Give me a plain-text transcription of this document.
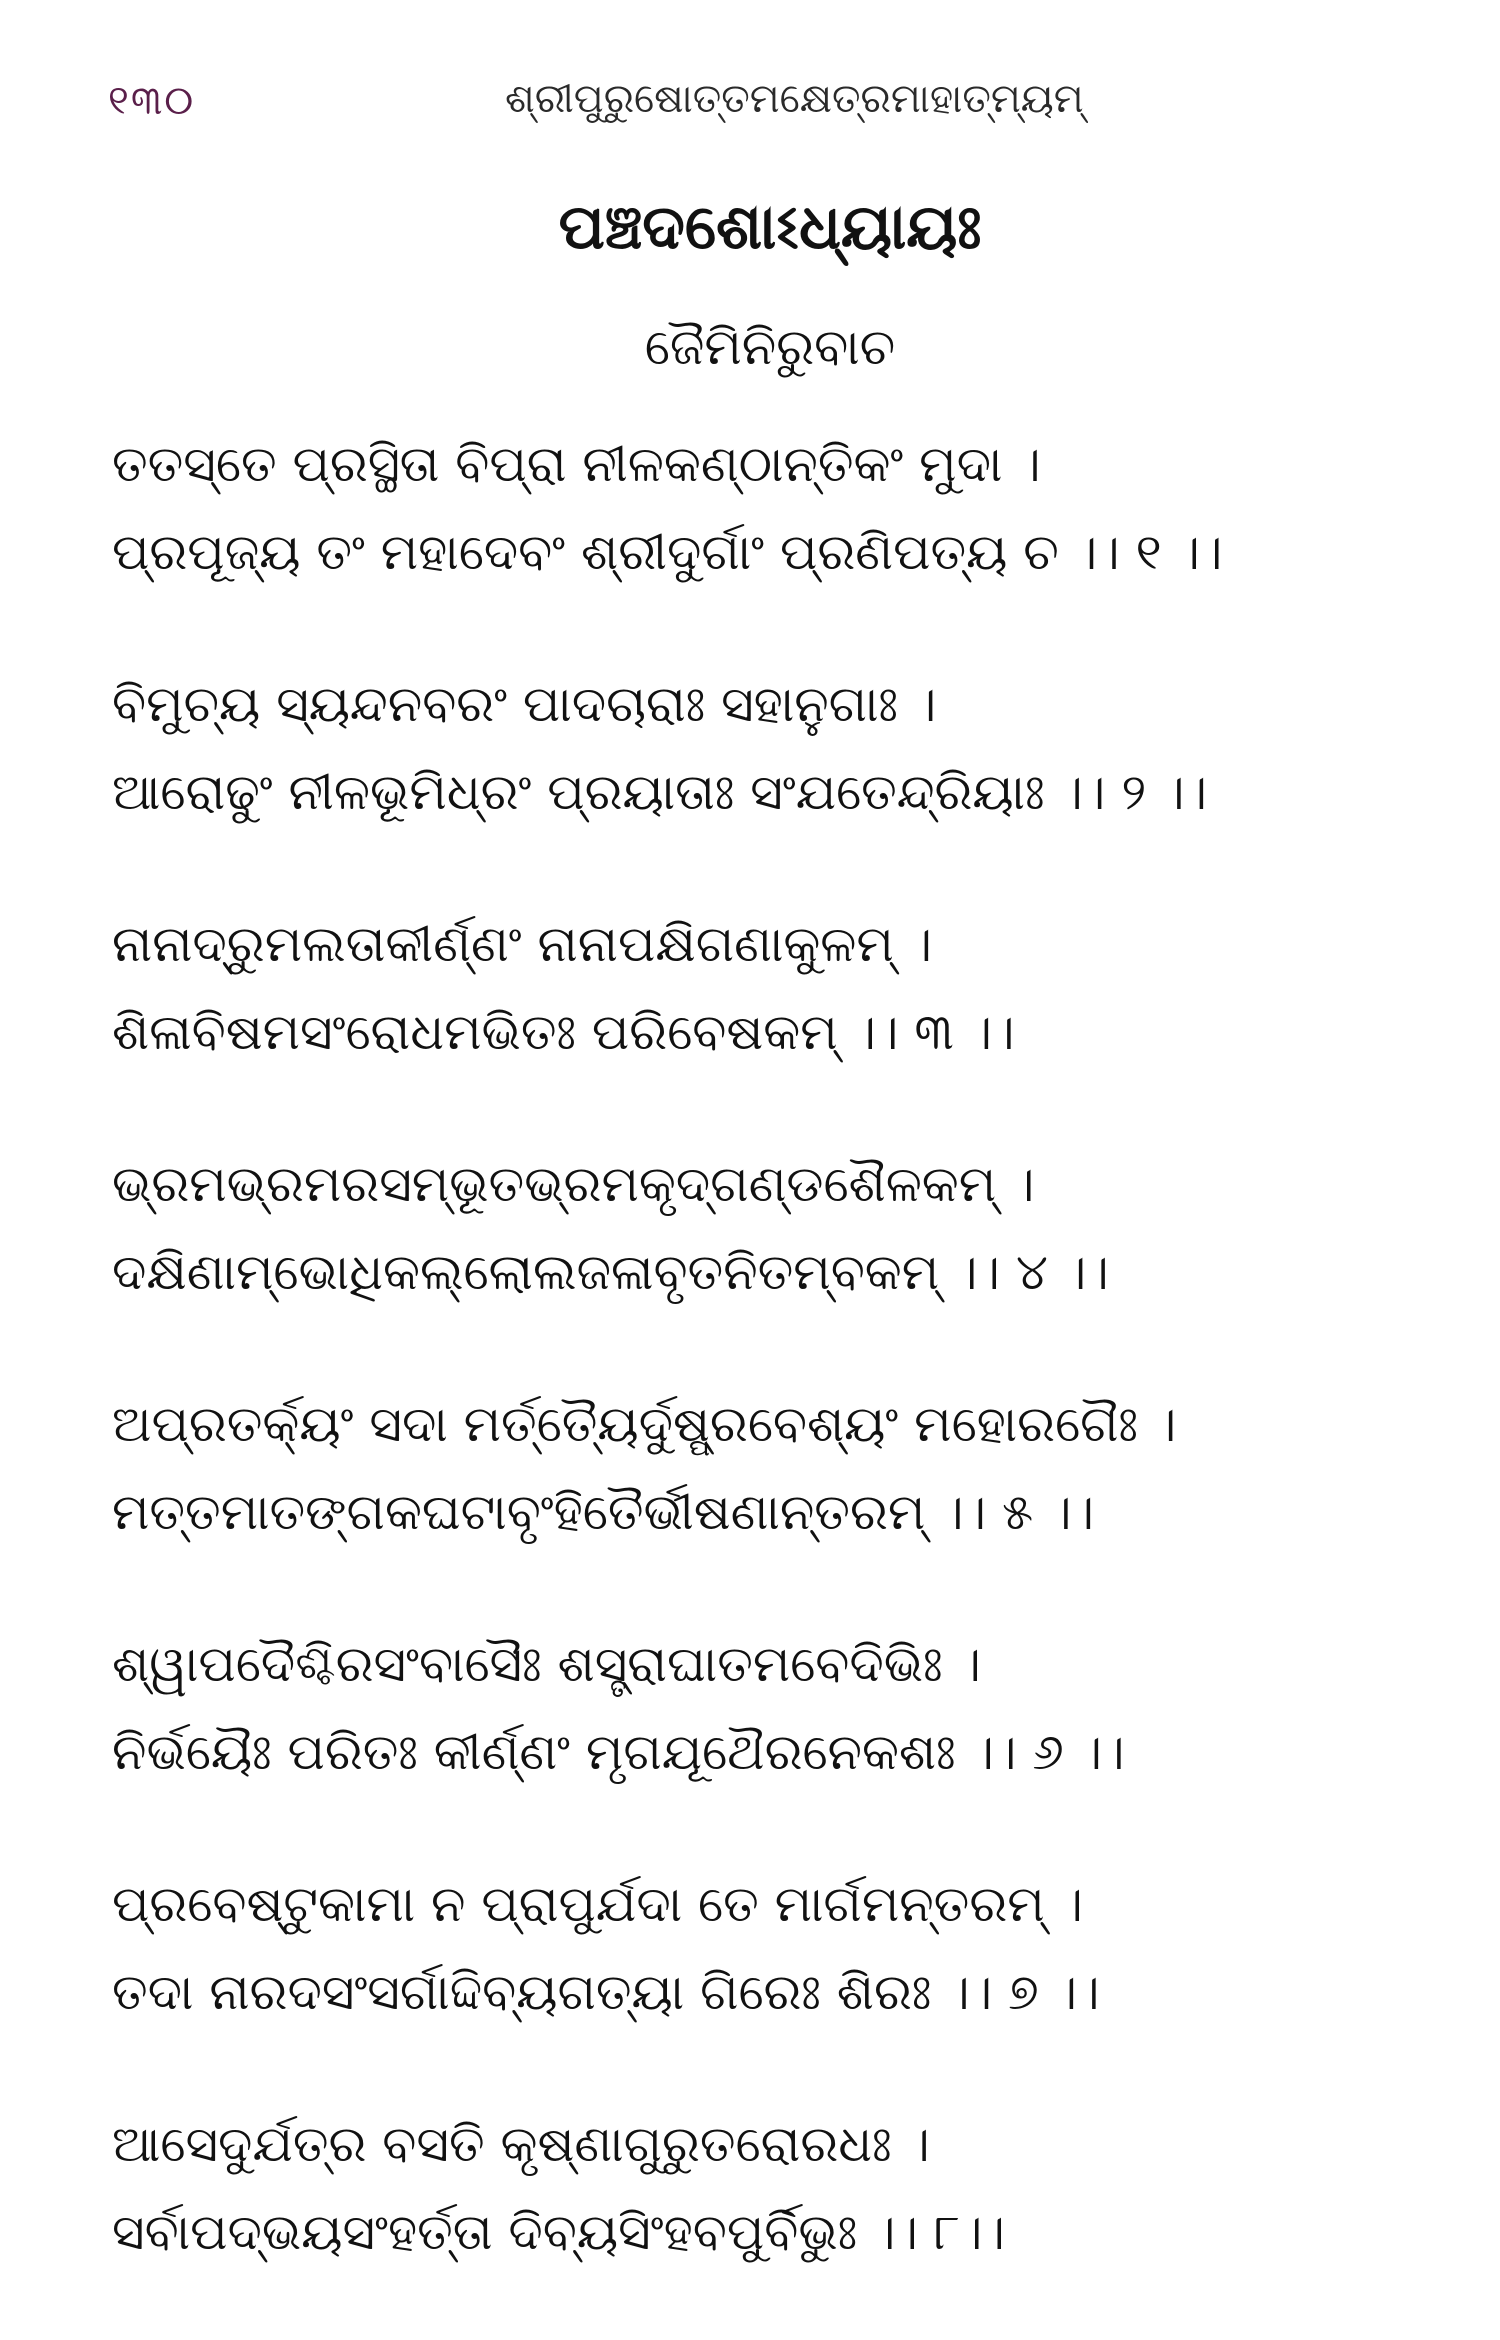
୧୩୦	ଶ୍ରୀପୁରୁଷୋତ୍ତମକ୍ଷେତ୍ରମାହାତ୍ମ୍ୟମ୍
ପଞ୍ଚଦଶୋଽଧ୍ୟାୟଃ
ଜୈମିନିରୁବାଚ
ତତସ୍ତେ ପ୍ରସ୍ଥିତା ବିପ୍ରା ନୀଳକଣ୍ଠାନ୍ତିକଂ ମୁଦା ।
ପ୍ରପୂଜ୍ୟ ତଂ ମହାଦେବଂ ଶ୍ରୀଦୁର୍ଗାଂ ପ୍ରଣିପତ୍ୟ ଚ ।। ୧ ।।
ବିମୁଚ୍ୟ ସ୍ୟନ୍ଦନବରଂ ପାଦଚାରାଃ ସହାନୁଗାଃ ।
ଆରୋଢୁଂ ନୀଳଭୂମିଧ୍ରଂ ପ୍ରୟାତାଃ ସଂଯତେନ୍ଦ୍ରିୟାଃ ।। ୨ ।।
ନାନାଦ୍ରୁମଲତାକୀର୍ଣ୍ଣଂ ନାନାପକ୍ଷିଗଣାକୁଳମ୍ ।
ଶିଳାବିଷମସଂରୋଧମଭିତଃ ପରିବେଷକମ୍ ।। ୩ ।।
ଭ୍ରମଭ୍ରମରସମ୍ଭୂତଭ୍ରମକୃଦ୍ଗଣ୍ଡଶୈଳକମ୍ ।
ଦକ୍ଷିଣାମ୍ଭୋଧିକଲ୍ଲୋଲଜଳାବୃତନିତମ୍ବକମ୍ ।। ୪ ।।
ଅପ୍ରତର୍କ୍ୟଂ ସଦା ମର୍ତ୍ତ୍ୟୈର୍ଦୁଷ୍ପ୍ରବେଶ୍ୟଂ ମହୋରଗୈଃ ।
ମତ୍ତମାତଙ୍ଗକଘଟାବୃଂହିତୈର୍ଭୀଷଣାନ୍ତରମ୍ ।। ୫ ।।
ଶ୍ୱାପଦୈଶ୍ଚିରସଂବାସୈଃ ଶସ୍ତ୍ରାଘାତମବେଦିଭିଃ ।
ନିର୍ଭୟୈଃ ପରିତଃ କୀର୍ଣ୍ଣଂ ମୃଗଯୂଥୈରନେକଶଃ ।। ୬ ।।
ପ୍ରବେଷ୍ଟୁକାମା ନ ପ୍ରାପୁର୍ଯଦା ତେ ମାର୍ଗମନ୍ତରମ୍ ।
ତଦା ନାରଦସଂସର୍ଗାଦ୍ଦିବ୍ୟଗତ୍ୟା ଗିରେଃ ଶିରଃ ।। ୭ ।।
ଆସେଦୁର୍ଯତ୍ର ବସତି କୃଷ୍ଣାଗୁରୁତରୋରଧଃ ।
ସର୍ବାପଦ୍ଭୟସଂହର୍ତ୍ତା ଦିବ୍ୟସିଂହବପୁର୍ବିଭୁଃ ।। ୮।।
